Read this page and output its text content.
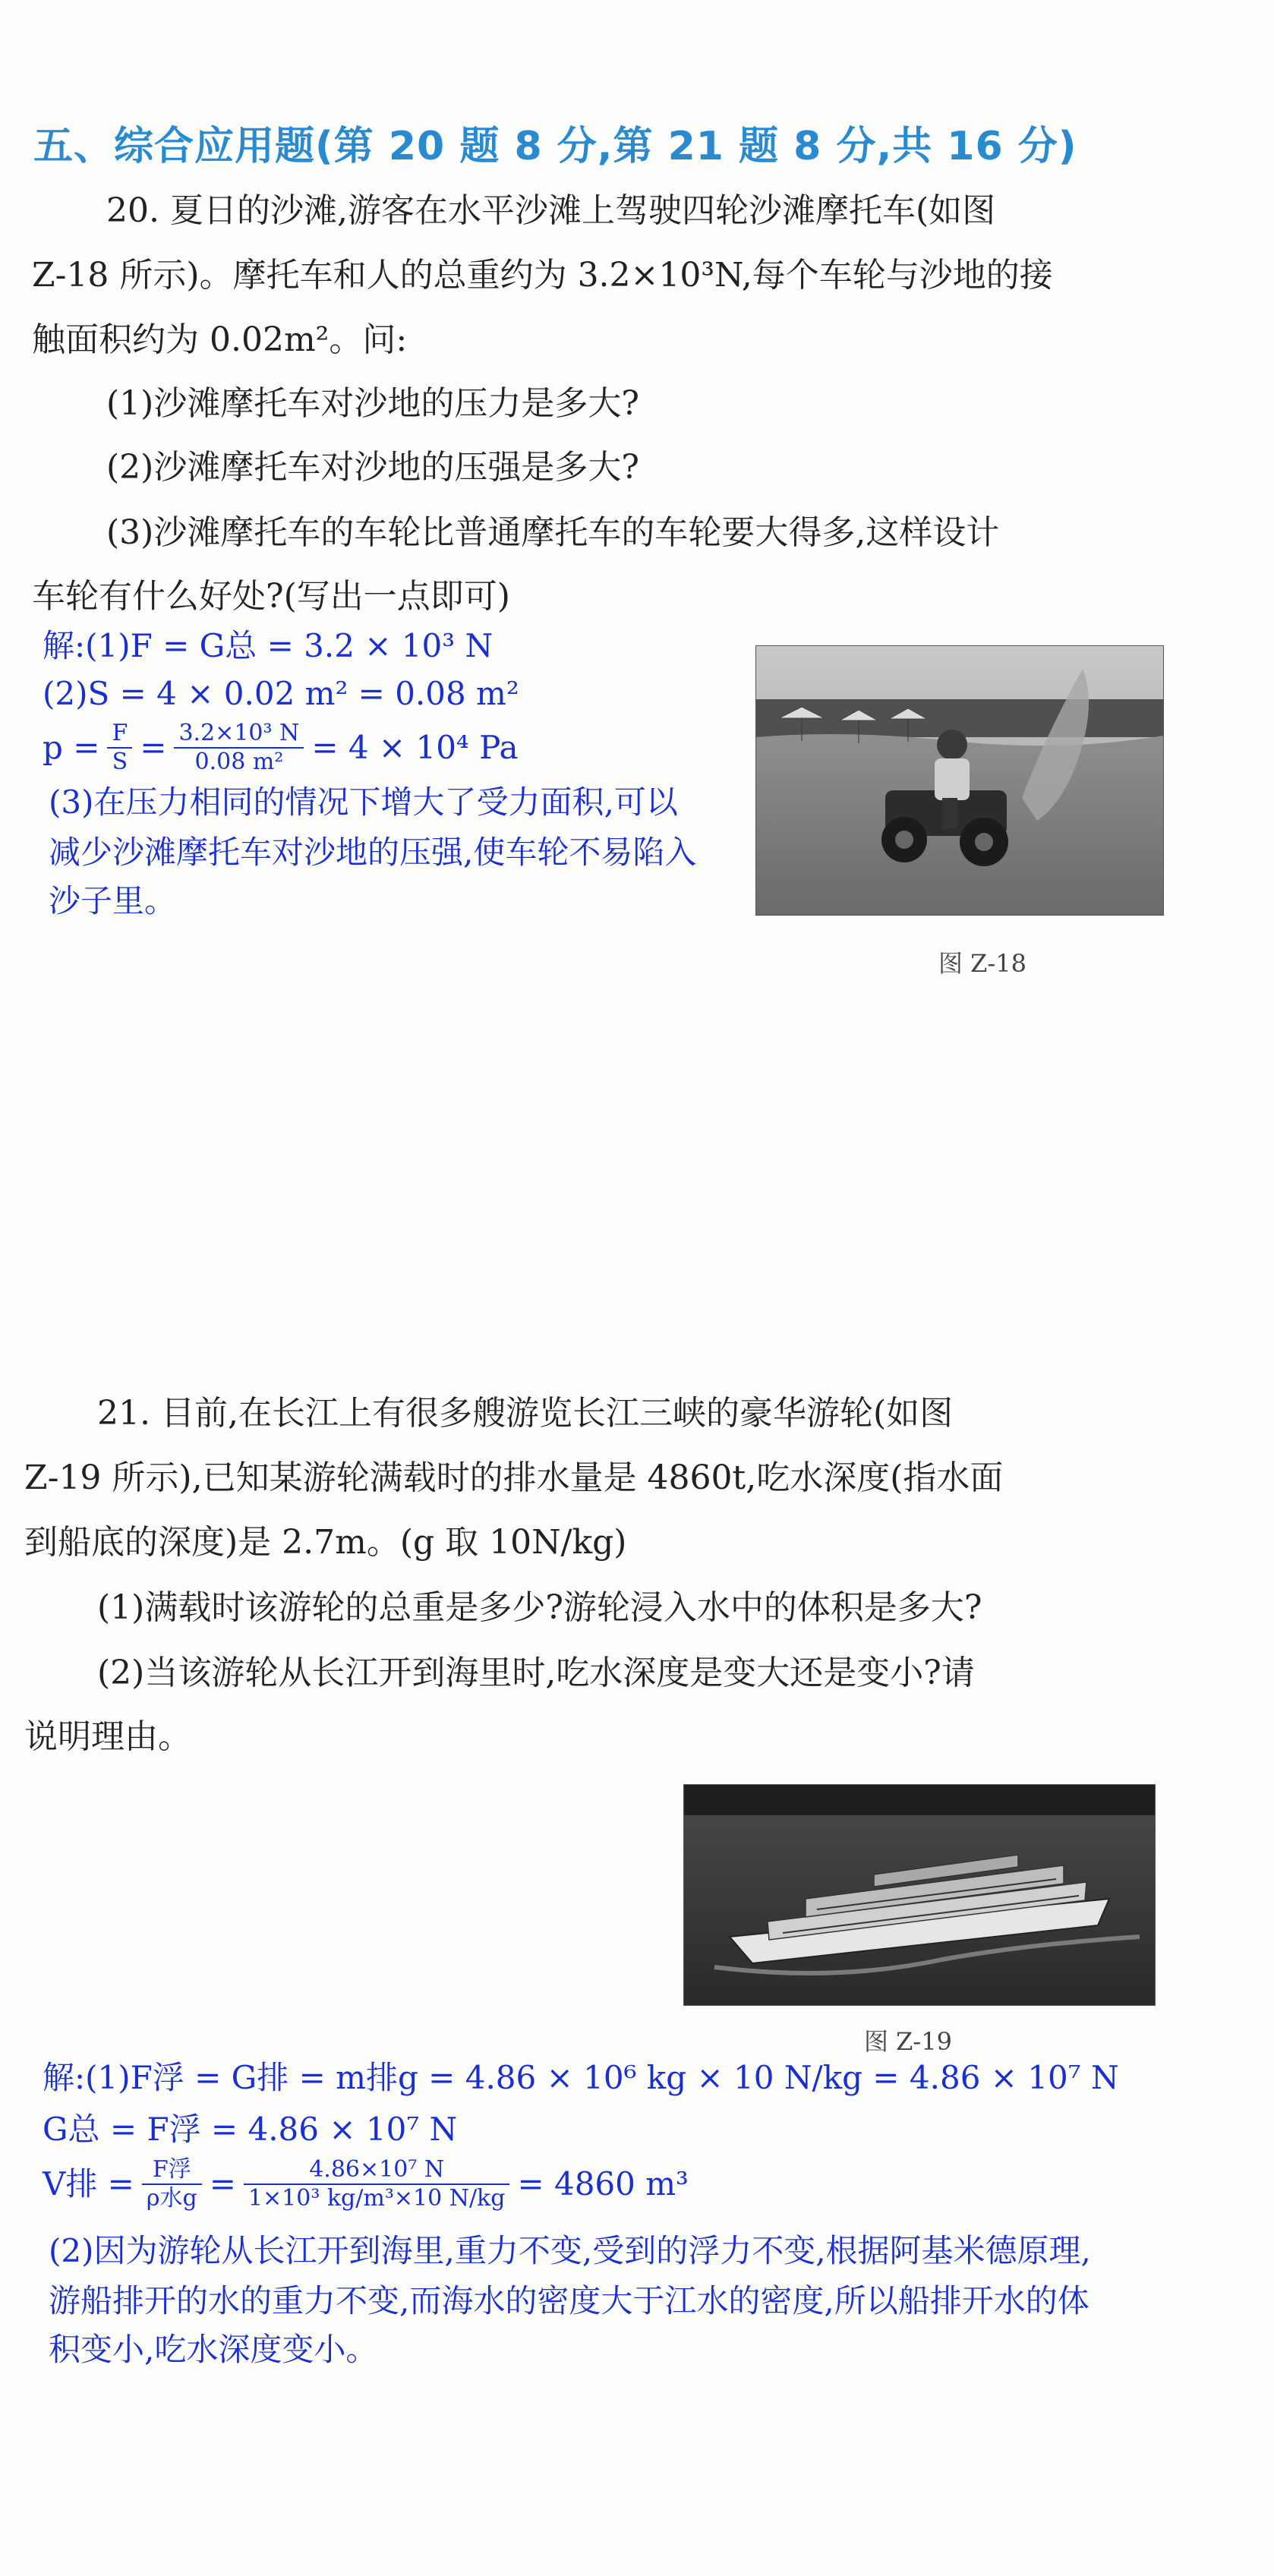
五、综合应用题(第 20 题 8 分,第 21 题 8 分,共 16 分)
20. 夏日的沙滩,游客在水平沙滩上驾驶四轮沙滩摩托车(如图
Z-18 所示)。摩托车和人的总重约为 3.2×10³N,每个车轮与沙地的接
触面积约为 0.02m²。问:
(1)沙滩摩托车对沙地的压力是多大?
(2)沙滩摩托车对沙地的压强是多大?
(3)沙滩摩托车的车轮比普通摩托车的车轮要大得多,这样设计
车轮有什么好处?(写出一点即可)
解:(1)F = G总 = 3.2 × 10³ N
(2)S = 4 × 0.02 m² = 0.08 m²
$p = \frac{F}{S} = \frac{\text{3.2×10³ N}}{\text{0.08 m²}} = 4 \times 10^4$ Pa
(3)在压力相同的情况下增大了受力面积,可以
减少沙滩摩托车对沙地的压强,使车轮不易陷入
沙子里。
图 Z-18
21. 目前,在长江上有很多艘游览长江三峡的豪华游轮(如图
Z-19 所示),已知某游轮满载时的排水量是 4860t,吃水深度(指水面
到船底的深度)是 2.7m。(g 取 10N/kg)
(1)满载时该游轮的总重是多少?游轮浸入水中的体积是多大?
(2)当该游轮从长江开到海里时,吃水深度是变大还是变小?请
说明理由。
图 Z-19
解:(1)F浮 = G排 = m排g = 4.86 × 10⁶ kg × 10 N/kg = 4.86 × 10⁷ N
G总 = F浮 = 4.86 × 10⁷ N
V排 = $\frac{\text{F浮}}{\text{ρ水g}} = \frac{\text{4.86×10⁷ N}}{\text{1×10³ kg/m³×10 N/kg}} = 4860$ m³
(2)因为游轮从长江开到海里,重力不变,受到的浮力不变,根据阿基米德原理,
游船排开的水的重力不变,而海水的密度大于江水的密度,所以船排开水的体
积变小,吃水深度变小。
